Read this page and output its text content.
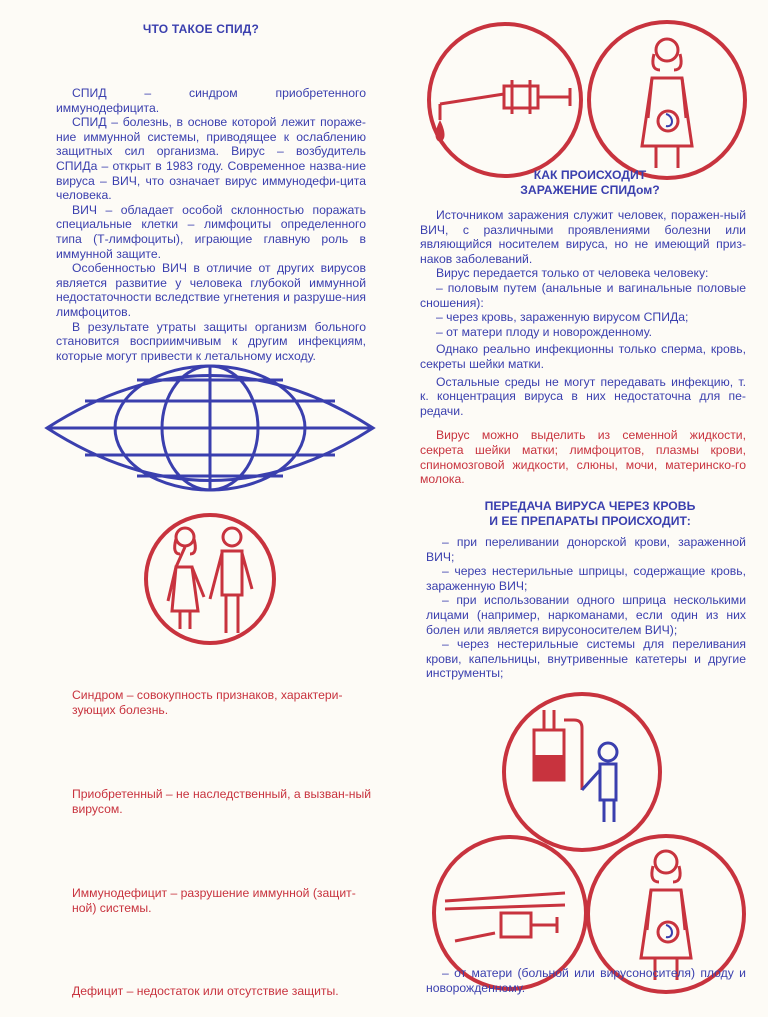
ЧТО ТАКОЕ СПИД?

СПИД – синдром приобретенного иммунодефицита.

СПИД – болезнь, в основе которой лежит пораже-ние иммунной системы, приводящее к ослаблению защитных сил организма. Вирус – возбудитель СПИДа – открыт в 1983 году. Современное назва-ние вируса – ВИЧ, что означает вирус иммунодефи-цита человека.

ВИЧ – обладает особой склонностью поражать специальные клетки – лимфоциты определенного типа (Т-лимфоциты), играющие главную роль в иммунной защите.

Особенностью ВИЧ в отличие от других вирусов является развитие у человека глубокой иммунной недостаточности вследствие угнетения и разруше-ния лимфоцитов.

В результате утраты защиты организм больного становится восприимчивым к другим инфекциям, которые могут привести к летальному исходу.

Синдром – совокупность признаков, характери-зующих болезнь.
Приобретенный – не наследственный, а вызван-ный вирусом.
Иммунодефицит – разрушение иммунной (защит-ной) системы.
Дефицит – недостаток или отсутствие защиты.
КАК ПРОИСХОДИТ
ЗАРАЖЕНИЕ СПИДом?

Источником заражения служит человек, поражен-ный ВИЧ, с различными проявлениями болезни или являющийся носителем вируса, но не имеющий приз-наков заболеваний.

Вирус передается только от человека человеку:

– половым путем (анальные и вагинальные половые сношения):

– через кровь, зараженную вирусом СПИДа;

– от матери плоду и новорожденному.

Однако реально инфекционны только сперма, кровь, секреты шейки матки.

Остальные среды не могут передавать инфекцию, т. к. концентрация вируса в них недостаточна для пе-редачи.

Вирус можно выделить из семенной жидкости, секрета шейки матки; лимфоцитов, плазмы крови, спиномозговой жидкости, слюны, мочи, материнско-го молока.

ПЕРЕДАЧА ВИРУСА ЧЕРЕЗ КРОВЬ
И ЕЕ ПРЕПАРАТЫ ПРОИСХОДИТ:

– при переливании донорской крови, зараженной ВИЧ;

– через нестерильные шприцы, содержащие кровь, зараженную ВИЧ;

– при использовании одного шприца несколькими лицами (например, наркоманами, если один из них болен или является вирусоносителем ВИЧ);

– через нестерильные системы для переливания крови, капельницы, внутривенные катетеры и другие инструменты;

– от матери (больной или вирусоносителя) плоду и новорожденному.
